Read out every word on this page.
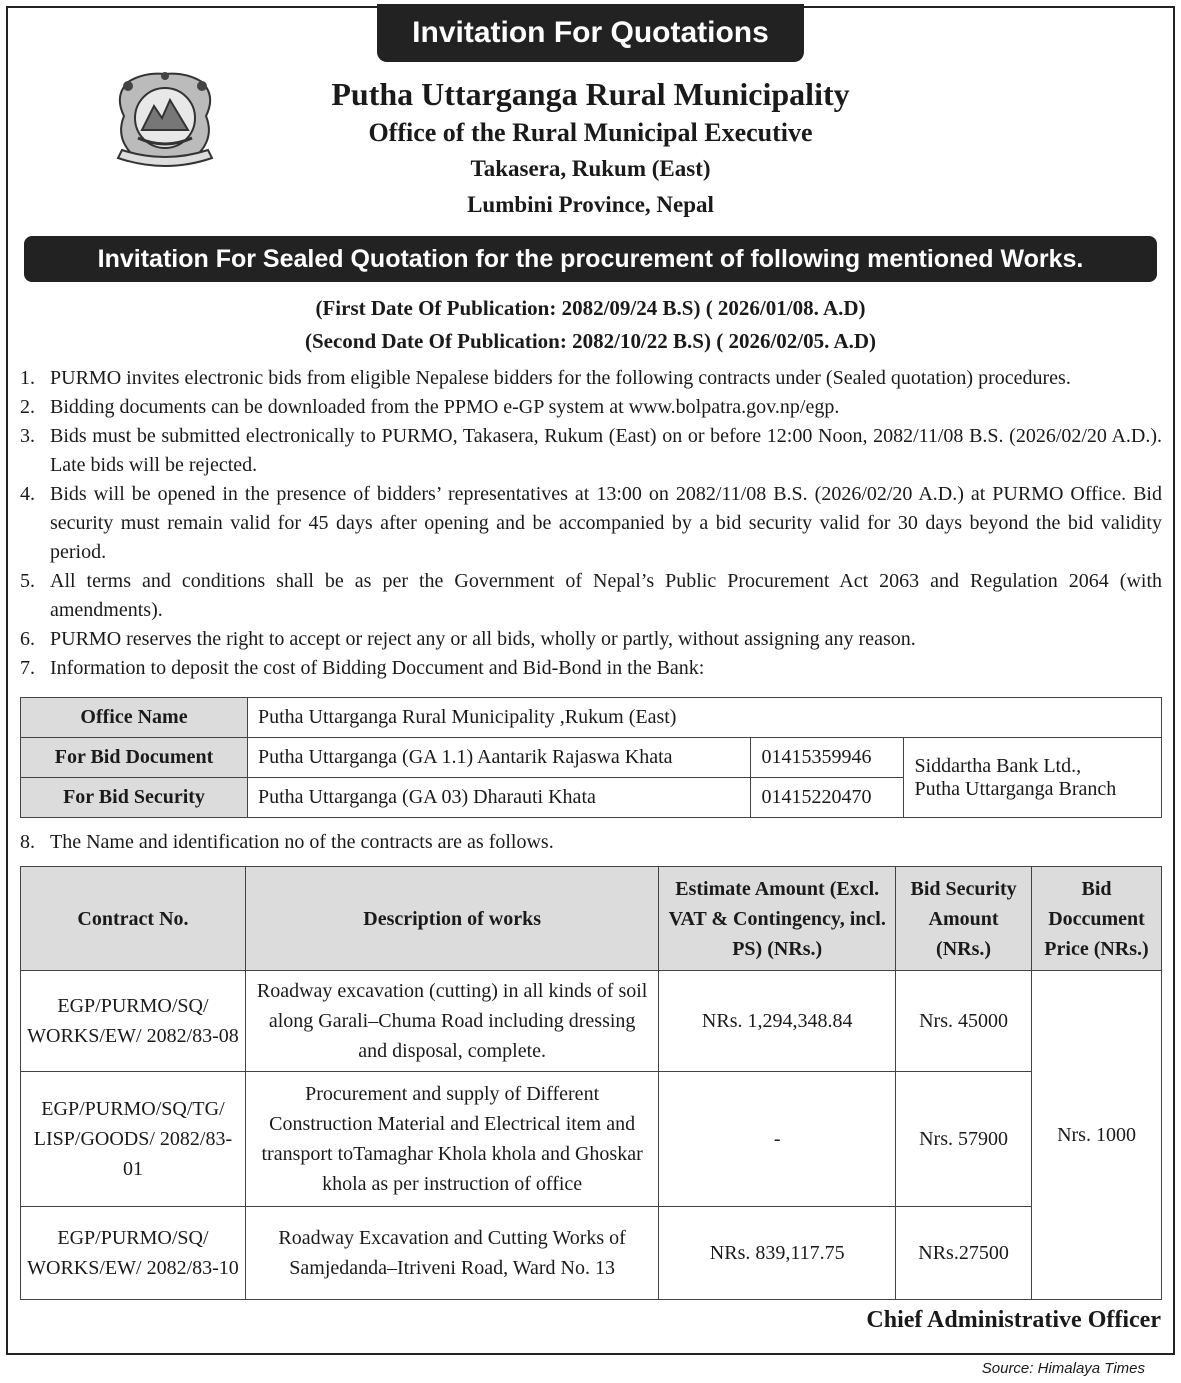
Invitation For Quotations
Putha Uttarganga Rural Municipality
Office of the Rural Municipal Executive
Takasera, Rukum (East)
Lumbini Province, Nepal
Invitation For Sealed Quotation for the procurement of following mentioned Works.
(First Date Of Publication: 2082/09/24 B.S) ( 2026/01/08. A.D)
(Second Date Of Publication: 2082/10/22 B.S) ( 2026/02/05. A.D)
1. PURMO invites electronic bids from eligible Nepalese bidders for the following contracts under (Sealed quotation) procedures.
2. Bidding documents can be downloaded from the PPMO e-GP system at www.bolpatra.gov.np/egp.
3. Bids must be submitted electronically to PURMO, Takasera, Rukum (East) on or before 12:00 Noon, 2082/11/08 B.S. (2026/02/20 A.D.). Late bids will be rejected.
4. Bids will be opened in the presence of bidders’ representatives at 13:00 on 2082/11/08 B.S. (2026/02/20 A.D.) at PURMO Office. Bid security must remain valid for 45 days after opening and be accompanied by a bid security valid for 30 days beyond the bid validity period.
5. All terms and conditions shall be as per the Government of Nepal’s Public Procurement Act 2063 and Regulation 2064 (with amendments).
6. PURMO reserves the right to accept or reject any or all bids, wholly or partly, without assigning any reason.
7. Information to deposit the cost of Bidding Doccument and Bid-Bond in the Bank:
Office Name	Putha Uttarganga Rural Municipality ,Rukum (East)		
For Bid Document	Putha Uttarganga (GA 1.1) Aantarik Rajaswa Khata	01415359946	Siddartha Bank Ltd.,
Putha Uttarganga Branch

For Bid Security	Putha Uttarganga (GA 03) Dharauti Khata	01415220470	
8. The Name and identification no of the contracts are as follows.
Contract No.	Description of works	Estimate Amount (Excl. VAT & Contingency, incl. PS) (NRs.)	Bid Security Amount (NRs.)	Bid Doccument Price (NRs.)
EGP/PURMO/SQ/ WORKS/EW/ 2082/83-08	Roadway excavation (cutting) in all kinds of soil along Garali–Chuma Road including dressing and disposal, complete.	NRs. 1,294,348.84	Nrs. 45000	Nrs. 1000
EGP/PURMO/SQ/TG/ LISP/GOODS/ 2082/83-01	Procurement and supply of Different Construction Material and Electrical item and transport toTamaghar Khola khola and Ghoskar khola as per instruction of office	-	Nrs. 57900	
EGP/PURMO/SQ/ WORKS/EW/ 2082/83-10	Roadway Excavation and Cutting Works of Samjedanda–Itriveni Road, Ward No. 13	NRs. 839,117.75	NRs.27500	
Chief Administrative Officer
Source: Himalaya Times
